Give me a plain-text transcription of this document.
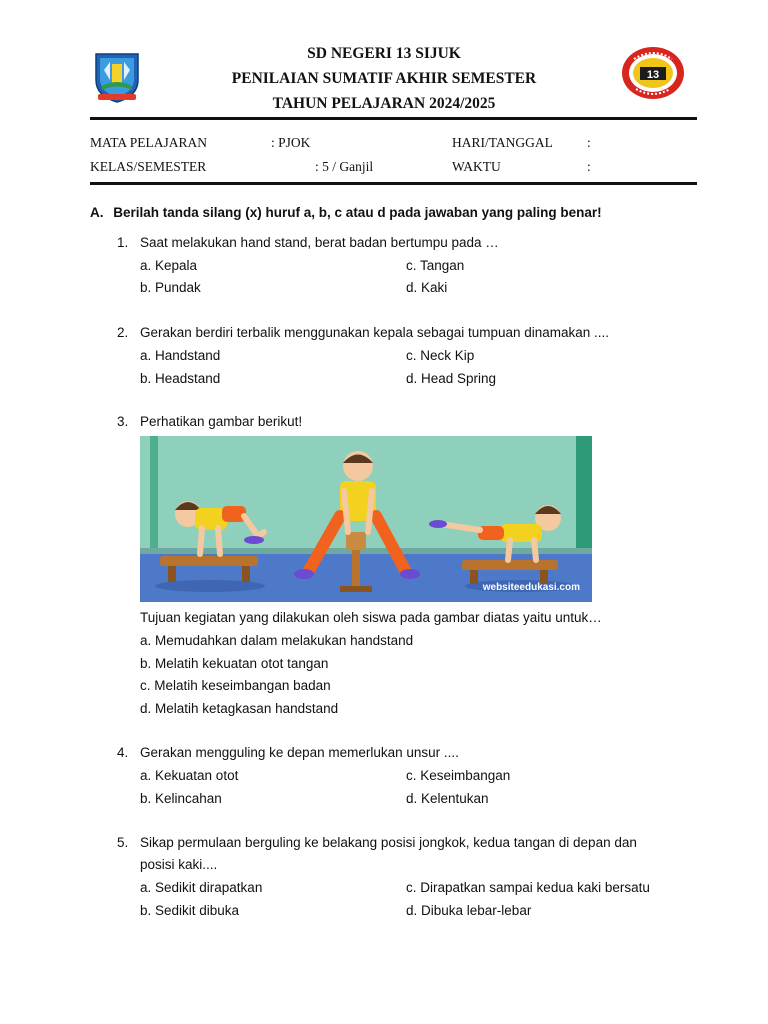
SD NEGERI 13 SIJUK
PENILAIAN SUMATIF AKHIR SEMESTER
TAHUN PELAJARAN 2024/2025
13
MATA PELAJARAN	: PJOK	HARI/TANGGAL	:
KELAS/SEMESTER	: 5 / Ganjil	WAKTU	:
A. Berilah tanda silang (x) huruf a, b, c atau d pada jawaban yang paling benar!
1. Saat melakukan hand stand, berat badan bertumpu pada …
a. Kepala	c. Tangan
b. Pundak	d. Kaki
2. Gerakan berdiri terbalik menggunakan kepala sebagai tumpuan dinamakan ....
a. Handstand	c. Neck Kip
b. Headstand	d. Head Spring
3. Perhatikan gambar berikut!
websiteedukasi.com
Tujuan kegiatan yang dilakukan oleh siswa pada gambar diatas yaitu untuk…
a. Memudahkan dalam melakukan handstand
b. Melatih kekuatan otot tangan
c. Melatih keseimbangan badan
d. Melatih ketagkasan handstand
4. Gerakan mengguling ke depan memerlukan unsur ....
a. Kekuatan otot	c. Keseimbangan
b. Kelincahan	d. Kelentukan
5. Sikap permulaan berguling ke belakang posisi jongkok, kedua tangan di depan dan
posisi kaki....
a. Sedikit dirapatkan	c. Dirapatkan sampai kedua kaki bersatu
b. Sedikit dibuka	d. Dibuka lebar-lebar
